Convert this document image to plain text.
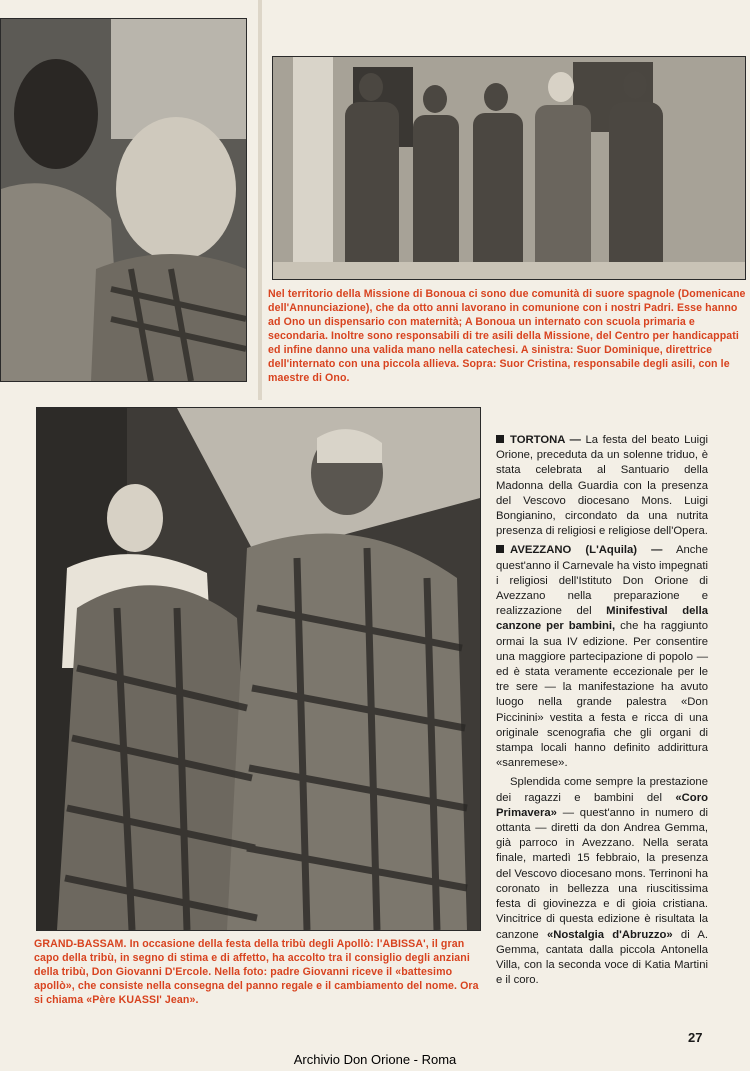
Nel territorio della Missione di Bonoua ci sono due comunità di suore spagnole (Domenicane dell'Annunciazione), che da otto anni lavorano in comunione con i nostri Padri. Esse hanno ad Ono un dispensario con maternità; A Bonoua un internato con scuola primaria e secondaria. Inoltre sono responsabili di tre asili della Missione, del Centro per handicappati ed infine danno una valida mano nella catechesi. A sinistra: Suor Dominique, direttrice dell'internato con una piccola allieva. Sopra: Suor Cristina, responsabile degli asili, con le maestre di Ono.

GRAND-BASSAM. In occasione della festa della tribù degli Apollò: l'ABISSA', il gran capo della tribù, in segno di stima e di affetto, ha accolto tra il consiglio degli anziani della tribù, Don Giovanni D'Ercole. Nella foto: padre Giovanni riceve il «battesimo apollò», che consiste nella consegna del panno regale e il cambiamento del nome. Ora si chiama «Père KUASSI' Jean».

TORTONA — La festa del beato Luigi Orione, preceduta da un solenne triduo, è stata celebrata al Santuario della Madonna della Guardia con la presenza del Vescovo diocesano Mons. Luigi Bongianino, circondato da una nutrita presenza di religiosi e religiose dell'Opera.

AVEZZANO (L'Aquila) — Anche quest'anno il Carnevale ha visto impegnati i religiosi dell'Istituto Don Orione di Avezzano nella preparazione e realizzazione del Minifestival della canzone per bambini, che ha raggiunto ormai la sua IV edizione. Per consentire una maggiore partecipazione di popolo — ed è stata veramente eccezionale per le tre sere — la manifestazione ha avuto luogo nella grande palestra «Don Piccinini» vestita a festa e ricca di una originale scenografia che gli organi di stampa locali hanno definito addirittura «sanremese».

Splendida come sempre la prestazione dei ragazzi e bambini del «Coro Primavera» — quest'anno in numero di ottanta — diretti da don Andrea Gemma, già parroco in Avezzano. Nella serata finale, martedì 15 febbraio, la presenza del Vescovo diocesano mons. Terrinoni ha coronato in bellezza una riuscitissima festa di giovinezza e di gioia cristiana. Vincitrice di questa edizione è risultata la canzone «Nostalgia d'Abruzzo» di A. Gemma, cantata dalla piccola Antonella Villa, con la seconda voce di Katia Martini e il coro.

27
Archivio Don Orione - Roma
